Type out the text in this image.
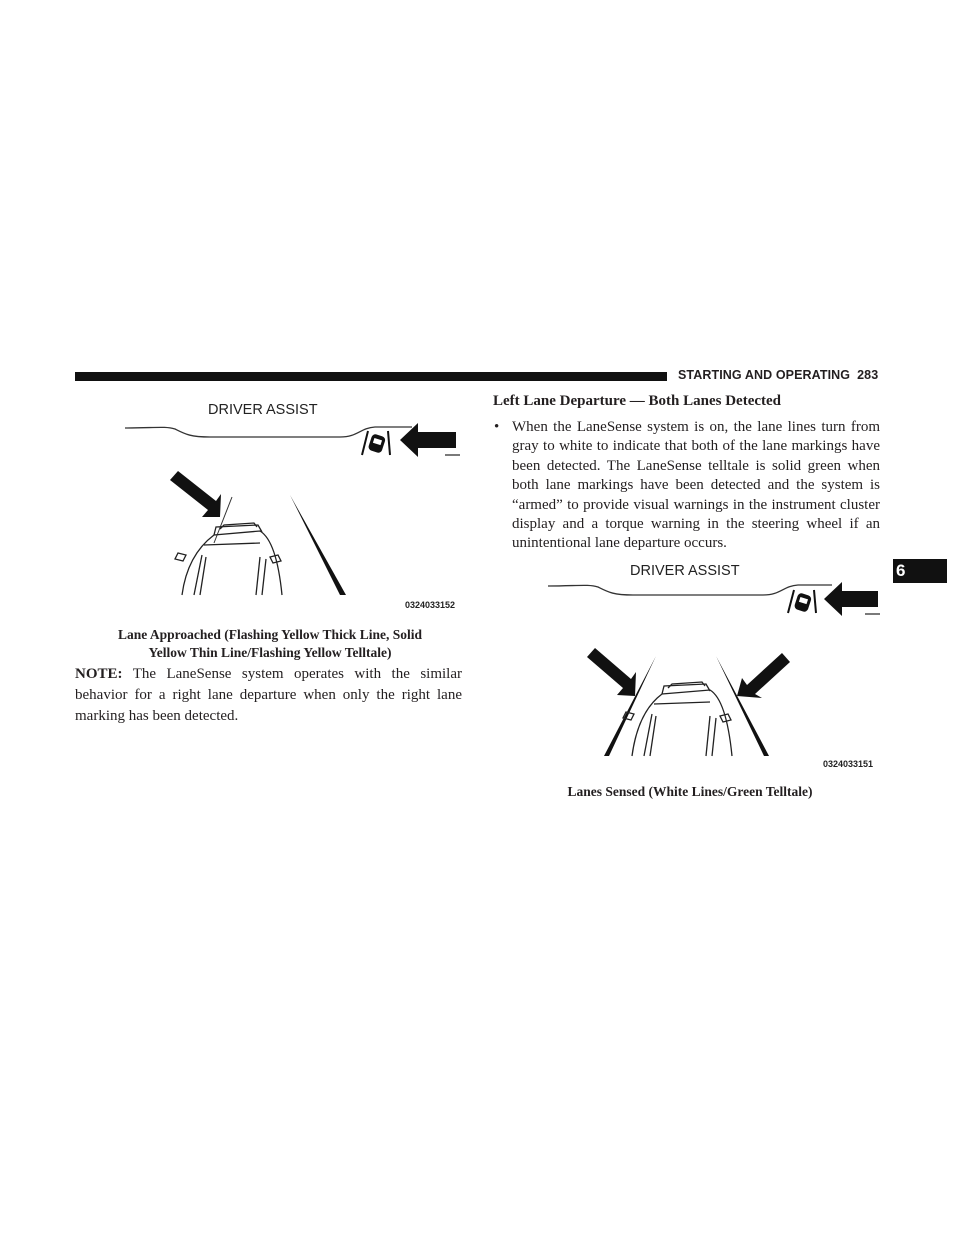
STARTING AND OPERATING 283
DRIVER ASSIST
0324033152
Lane Approached (Flashing Yellow Thick Line, Solid
Yellow Thin Line/Flashing Yellow Telltale)
NOTE: The LaneSense system operates with the similar behavior for a right lane departure when only the right lane marking has been detected.
Left Lane Departure — Both Lanes Detected
• When the LaneSense system is on, the lane lines turn from gray to white to indicate that both of the lane markings have been detected. The LaneSense telltale is solid green when both lane markings have been detected and the system is “armed” to provide visual warnings in the instrument cluster display and a torque warning in the steering wheel if an unintentional lane departure occurs.
DRIVER ASSIST
0324033151
Lanes Sensed (White Lines/Green Telltale)
6
